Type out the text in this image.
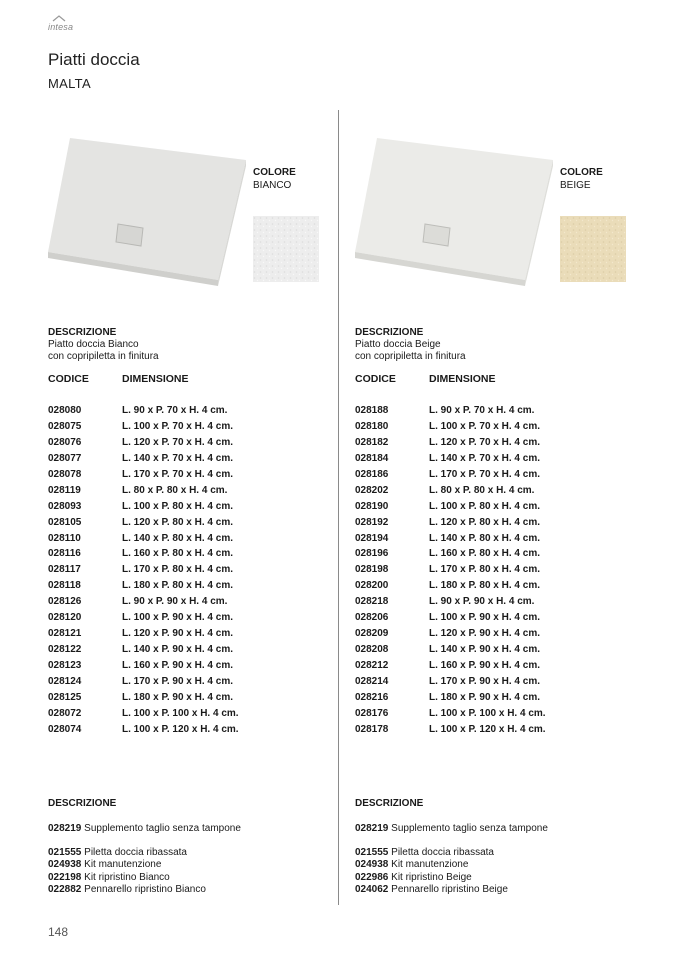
intesa
Piatti doccia
MALTA
COLORE
BIANCO
DESCRIZIONE
Piatto doccia Bianco
con copripiletta in finitura
CODICE	DIMENSIONE
028080	L. 90 x P. 70 x H. 4 cm.
028075	L. 100 x P. 70 x H. 4 cm.
028076	L. 120 x P. 70 x H. 4 cm.
028077	L. 140 x P. 70 x H. 4 cm.
028078	L. 170 x P. 70 x H. 4 cm.
028119	L. 80 x P. 80 x H. 4 cm.
028093	L. 100 x P. 80 x H. 4 cm.
028105	L. 120 x P. 80 x H. 4 cm.
028110	L. 140 x P. 80 x H. 4 cm.
028116	L. 160 x P. 80 x H. 4 cm.
028117	L. 170 x P. 80 x H. 4 cm.
028118	L. 180 x P. 80 x H. 4 cm.
028126	L. 90 x P. 90 x H. 4 cm.
028120	L. 100 x P. 90 x H. 4 cm.
028121	L. 120 x P. 90 x H. 4 cm.
028122	L. 140 x P. 90 x H. 4 cm.
028123	L. 160 x P. 90 x H. 4 cm.
028124	L. 170 x P. 90 x H. 4 cm.
028125	L. 180 x P. 90 x H. 4 cm.
028072	L. 100 x P. 100 x H. 4 cm.
028074	L. 100 x P. 120 x H. 4 cm.
DESCRIZIONE
028219 Supplemento taglio senza tampone
021555 Piletta doccia ribassata
024938 Kit manutenzione
022198 Kit ripristino Bianco
022882 Pennarello ripristino Bianco
COLORE
BEIGE
DESCRIZIONE
Piatto doccia Beige
con copripiletta in finitura
CODICE	DIMENSIONE
028188	L. 90 x P. 70 x H. 4 cm.
028180	L. 100 x P. 70 x H. 4 cm.
028182	L. 120 x P. 70 x H. 4 cm.
028184	L. 140 x P. 70 x H. 4 cm.
028186	L. 170 x P. 70 x H. 4 cm.
028202	L. 80 x P. 80 x H. 4 cm.
028190	L. 100 x P. 80 x H. 4 cm.
028192	L. 120 x P. 80 x H. 4 cm.
028194	L. 140 x P. 80 x H. 4 cm.
028196	L. 160 x P. 80 x H. 4 cm.
028198	L. 170 x P. 80 x H. 4 cm.
028200	L. 180 x P. 80 x H. 4 cm.
028218	L. 90 x P. 90 x H. 4 cm.
028206	L. 100 x P. 90 x H. 4 cm.
028209	L. 120 x P. 90 x H. 4 cm.
028208	L. 140 x P. 90 x H. 4 cm.
028212	L. 160 x P. 90 x H. 4 cm.
028214	L. 170 x P. 90 x H. 4 cm.
028216	L. 180 x P. 90 x H. 4 cm.
028176	L. 100 x P. 100 x H. 4 cm.
028178	L. 100 x P. 120 x H. 4 cm.
DESCRIZIONE
028219 Supplemento taglio senza tampone
021555 Piletta doccia ribassata
024938 Kit manutenzione
022986 Kit ripristino Beige
024062 Pennarello ripristino Beige
148
